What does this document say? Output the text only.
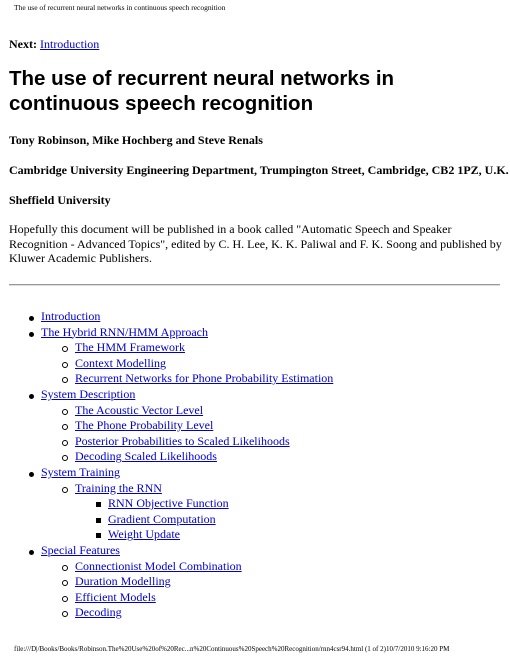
The use of recurrent neural networks in continuous speech recognition
Next: Introduction
The use of recurrent neural networks in continuous speech recognition
Tony Robinson, Mike Hochberg and Steve Renals
Cambridge University Engineering Department, Trumpington Street, Cambridge, CB2 1PZ, U.K.
Sheffield University
Hopefully this document will be published in a book called "Automatic Speech and Speaker Recognition - Advanced Topics", edited by C. H. Lee, K. K. Paliwal and F. K. Soong and published by Kluwer Academic Publishers.
Introduction
The Hybrid RNN/HMM Approach
The HMM Framework
Context Modelling
Recurrent Networks for Phone Probability Estimation
System Description
The Acoustic Vector Level
The Phone Probability Level
Posterior Probabilities to Scaled Likelihoods
Decoding Scaled Likelihoods
System Training
Training the RNN
RNN Objective Function
Gradient Computation
Weight Update
Special Features
Connectionist Model Combination
Duration Modelling
Efficient Models
Decoding
file:///D|/Books/Books/Robinson.The%20Use%20of%20Rec...n%20Continuous%20Speech%20Recognition/rnn4csr94.html (1 of 2)10/7/2010 9:16:20 PM
